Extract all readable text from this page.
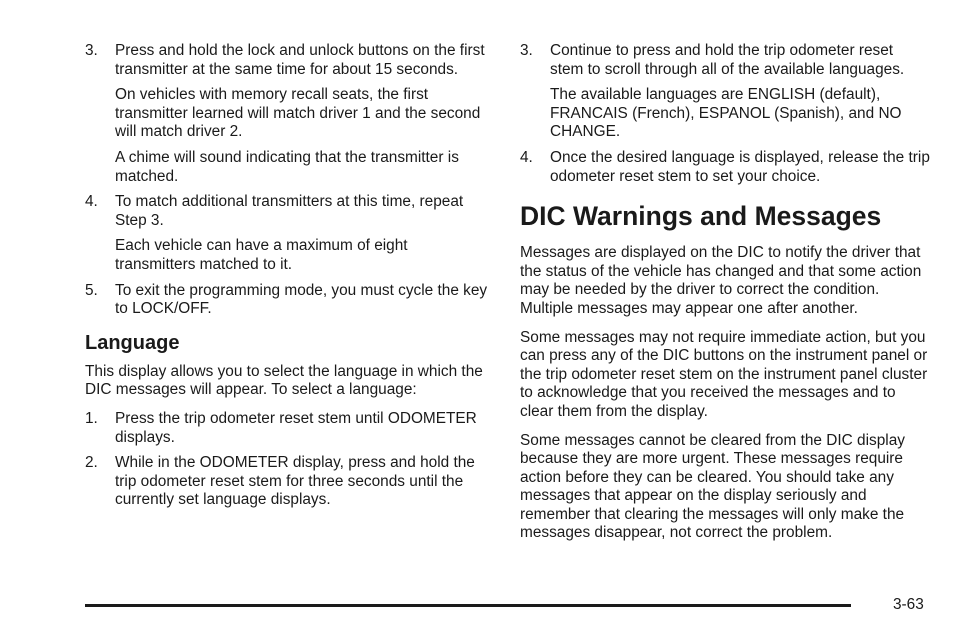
3.	Press and hold the lock and unlock buttons on the first transmitter at the same time for about 15 seconds.

On vehicles with memory recall seats, the first transmitter learned will match driver 1 and the second will match driver 2.

A chime will sound indicating that the transmitter is matched.

4.	To match additional transmitters at this time, repeat Step 3.

Each vehicle can have a maximum of eight transmitters matched to it.

5.	To exit the programming mode, you must cycle the key to LOCK/OFF.

Language

This display allows you to select the language in which the DIC messages will appear. To select a language:

1.	Press the trip odometer reset stem until ODOMETER displays.

2.	While in the ODOMETER display, press and hold the trip odometer reset stem for three seconds until the currently set language displays.

3.	Continue to press and hold the trip odometer reset stem to scroll through all of the available languages.

The available languages are ENGLISH (default), FRANCAIS (French), ESPANOL (Spanish), and NO CHANGE.

4.	Once the desired language is displayed, release the trip odometer reset stem to set your choice.

DIC Warnings and Messages

Messages are displayed on the DIC to notify the driver that the status of the vehicle has changed and that some action may be needed by the driver to correct the condition. Multiple messages may appear one after another.

Some messages may not require immediate action, but you can press any of the DIC buttons on the instrument panel or the trip odometer reset stem on the instrument panel cluster to acknowledge that you received the messages and to clear them from the display.

Some messages cannot be cleared from the DIC display because they are more urgent. These messages require action before they can be cleared. You should take any messages that appear on the display seriously and remember that clearing the messages will only make the messages disappear, not correct the problem.

3-63
